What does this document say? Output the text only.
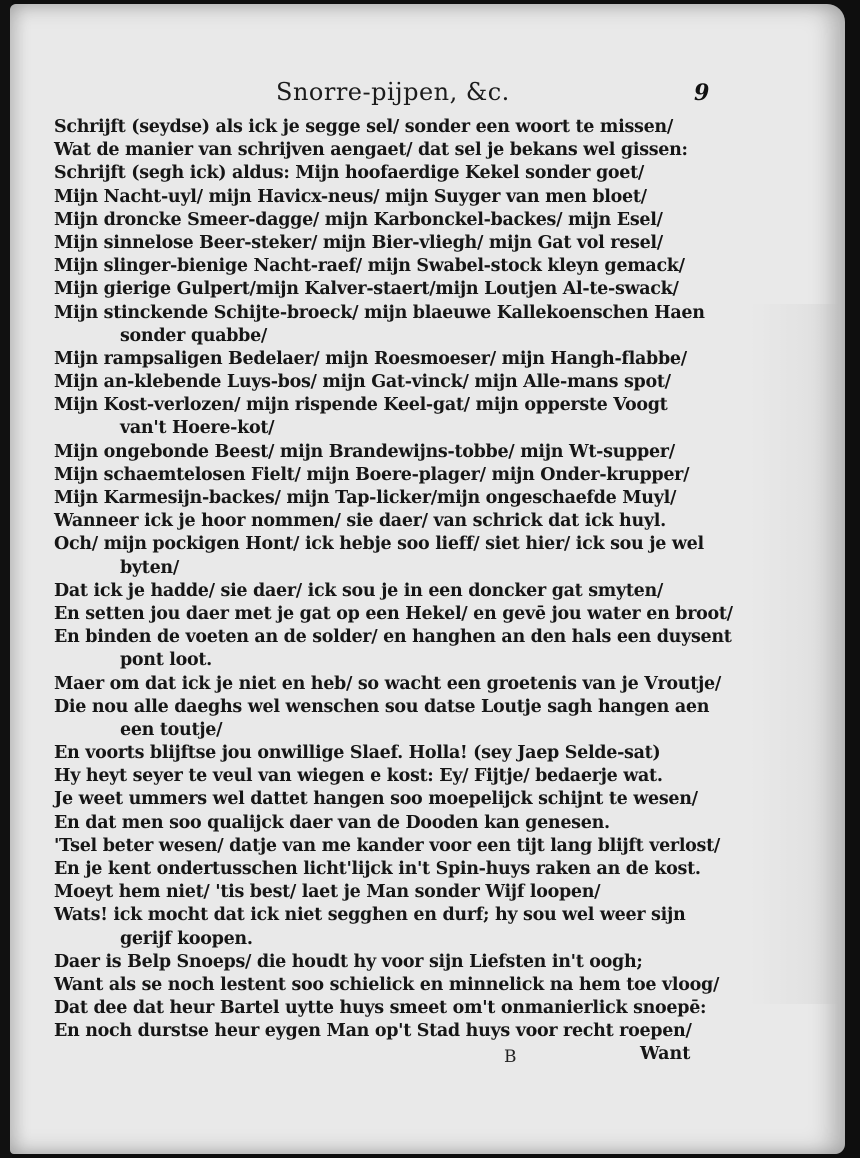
Snorre-pijpen, &c.	9
Schrijft (seydse) als ick je segge sel/ sonder een woort te missen/
Wat de manier van schrijven aengaet/ dat sel je bekans wel gissen:
Schrijft (segh ick) aldus: Mijn hoofaerdige Kekel sonder goet/
Mijn Nacht-uyl/ mijn Havicx-neus/ mijn Suyger van men bloet/
Mijn droncke Smeer-dagge/ mijn Karbonckel-backes/ mijn Esel/
Mijn sinnelose Beer-steker/ mijn Bier-vliegh/ mijn Gat vol resel/
Mijn slinger-bienige Nacht-raef/ mijn Swabel-stock kleyn gemack/
Mijn gierige Gulpert/mijn Kalver-staert/mijn Loutjen Al-te-swack/
Mijn stinckende Schijte-broeck/ mijn blaeuwe Kallekoenschen Haen
sonder quabbe/
Mijn rampsaligen Bedelaer/ mijn Roesmoeser/ mijn Hangh-flabbe/
Mijn an-klebende Luys-bos/ mijn Gat-vinck/ mijn Alle-mans spot/
Mijn Kost-verlozen/ mijn rispende Keel-gat/ mijn opperste Voogt
van't Hoere-kot/
Mijn ongebonde Beest/ mijn Brandewijns-tobbe/ mijn Wt-supper/
Mijn schaemtelosen Fielt/ mijn Boere-plager/ mijn Onder-krupper/
Mijn Karmesijn-backes/ mijn Tap-licker/mijn ongeschaefde Muyl/
Wanneer ick je hoor nommen/ sie daer/ van schrick dat ick huyl.
Och/ mijn pockigen Hont/ ick hebje soo lieff/ siet hier/ ick sou je wel
byten/
Dat ick je hadde/ sie daer/ ick sou je in een doncker gat smyten/
En setten jou daer met je gat op een Hekel/ en gevē jou water en broot/
En binden de voeten an de solder/ en hanghen an den hals een duysent
pont loot.
Maer om dat ick je niet en heb/ so wacht een groetenis van je Vroutje/
Die nou alle daeghs wel wenschen sou datse Loutje sagh hangen aen
een toutje/
En voorts blijftse jou onwillige Slaef. Holla! (sey Jaep Selde-sat)
Hy heyt seyer te veul van wiegen e kost: Ey/ Fijtje/ bedaerje wat.
Je weet ummers wel dattet hangen soo moepelijck schijnt te wesen/
En dat men soo qualijck daer van de Dooden kan genesen.
'Tsel beter wesen/ datje van me kander voor een tijt lang blijft verlost/
En je kent ondertusschen licht'lijck in't Spin-huys raken an de kost.
Moeyt hem niet/ 'tis best/ laet je Man sonder Wijf loopen/
Wats! ick mocht dat ick niet segghen en durf; hy sou wel weer sijn
gerijf koopen.
Daer is Belp Snoeps/ die houdt hy voor sijn Liefsten in't oogh;
Want als se noch lestent soo schielick en minnelick na hem toe vloog/
Dat dee dat heur Bartel uytte huys smeet om't onmanierlick snoepē:
En noch durstse heur eygen Man op't Stad huys voor recht roepen/
B	Want
